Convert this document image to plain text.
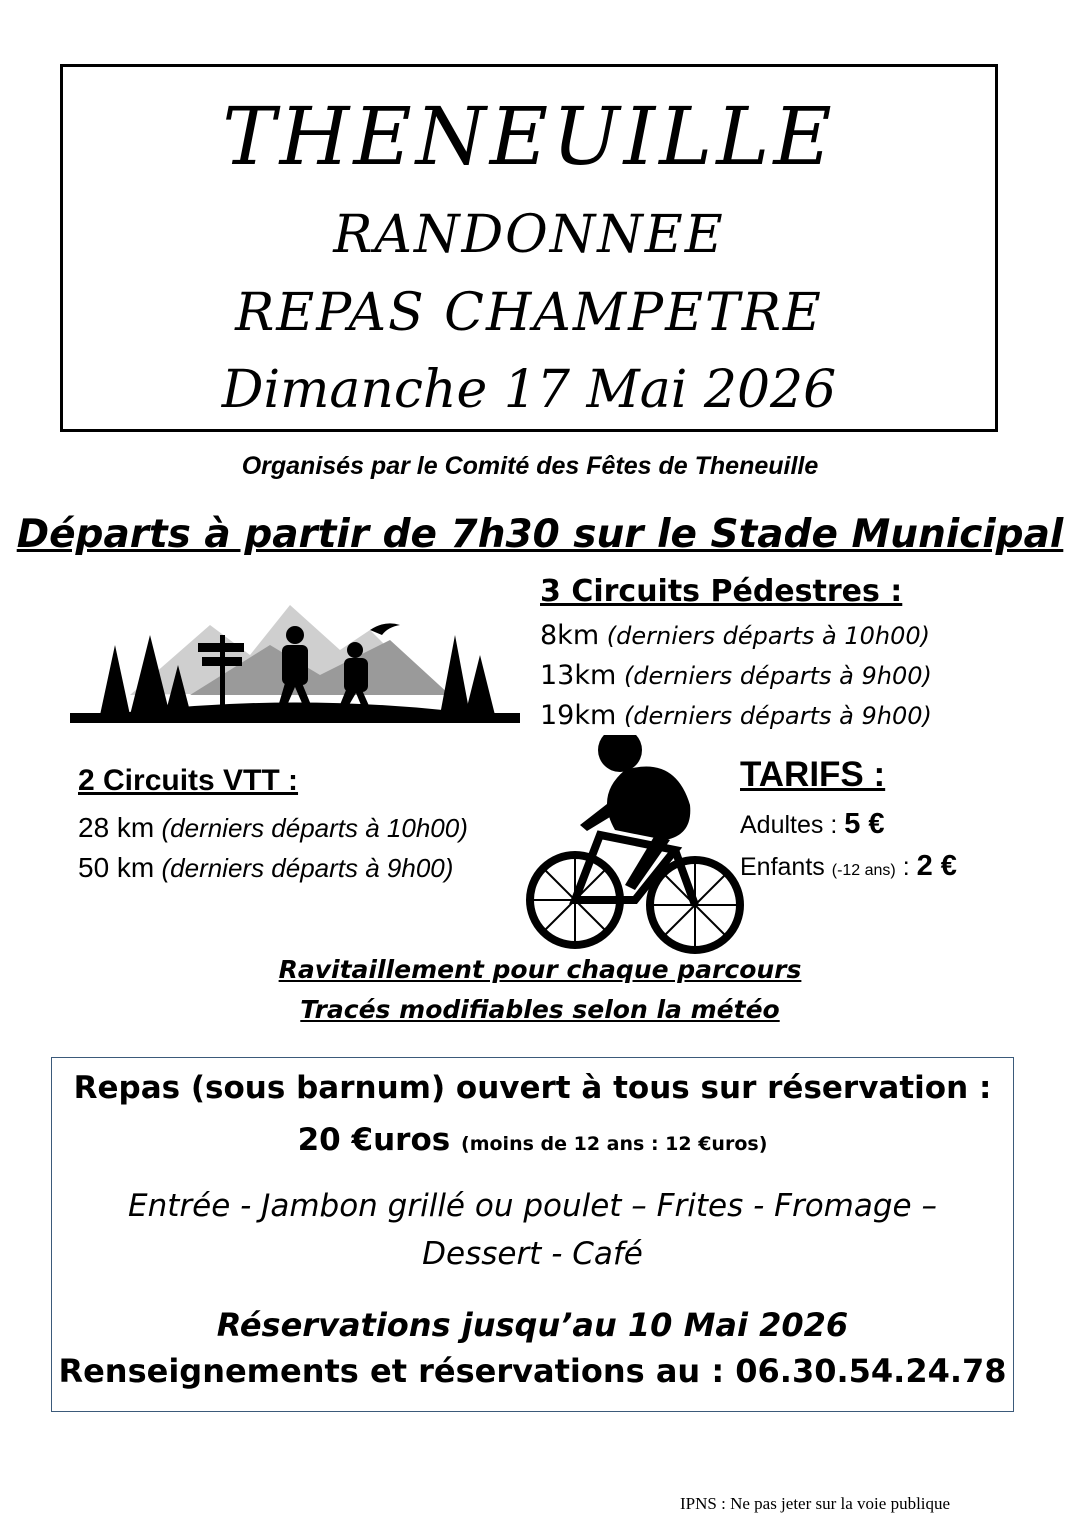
THENEUILLE
RANDONNEE
REPAS CHAMPETRE
Dimanche 17 Mai 2026
Organisés par le Comité des Fêtes de Theneuille
Départs à partir de 7h30 sur le Stade Municipal
3 Circuits Pédestres :
8km (derniers départs à 10h00)
13km (derniers départs à 9h00)
19km (derniers départs à 9h00)
2 Circuits VTT :
28 km (derniers départs à 10h00)
50 km (derniers départs à 9h00)
TARIFS :
Adultes : 5 €
Enfants (-12 ans) : 2 €
Ravitaillement pour chaque parcours
Tracés modifiables selon la météo
Repas (sous barnum) ouvert à tous sur réservation :
20 €uros (moins de 12 ans : 12 €uros)
Entrée - Jambon grillé ou poulet – Frites - Fromage –
Dessert - Café
Réservations jusqu’au 10 Mai 2026
Renseignements et réservations au : 06.30.54.24.78
IPNS : Ne pas jeter sur la voie publique
